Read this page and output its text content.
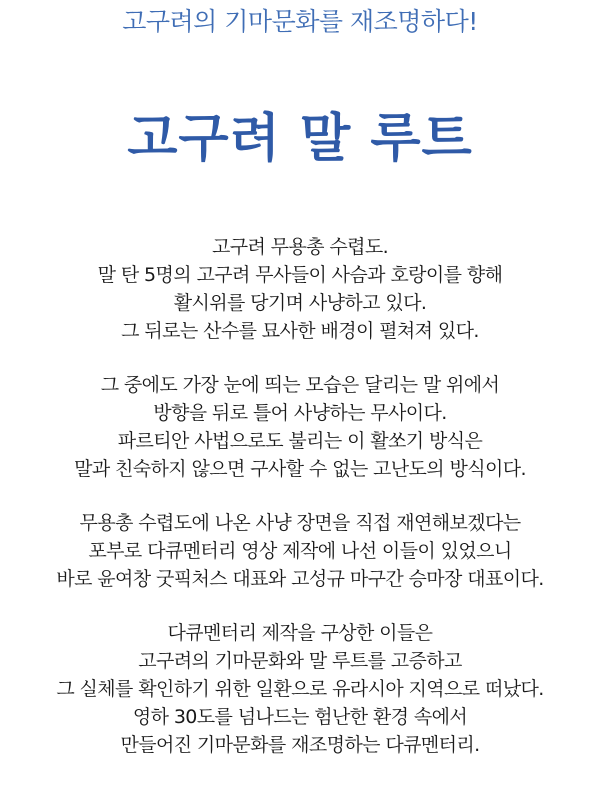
고구려의 기마문화를 재조명하다!
고구려 말 루트
고구려 무용총 수렵도.
말 탄 5명의 고구려 무사들이 사슴과 호랑이를 향해
활시위를 당기며 사냥하고 있다.
그 뒤로는 산수를 묘사한 배경이 펼쳐져 있다.
그 중에도 가장 눈에 띄는 모습은 달리는 말 위에서
방향을 뒤로 틀어 사냥하는 무사이다.
파르티안 사법으로도 불리는 이 활쏘기 방식은
말과 친숙하지 않으면 구사할 수 없는 고난도의 방식이다.
무용총 수렵도에 나온 사냥 장면을 직접 재연해보겠다는
포부로 다큐멘터리 영상 제작에 나선 이들이 있었으니
바로 윤여창 굿픽처스 대표와 고성규 마구간 승마장 대표이다.
다큐멘터리 제작을 구상한 이들은
고구려의 기마문화와 말 루트를 고증하고
그 실체를 확인하기 위한 일환으로 유라시아 지역으로 떠났다.
영하 30도를 넘나드는 험난한 환경 속에서
만들어진 기마문화를 재조명하는 다큐멘터리.
